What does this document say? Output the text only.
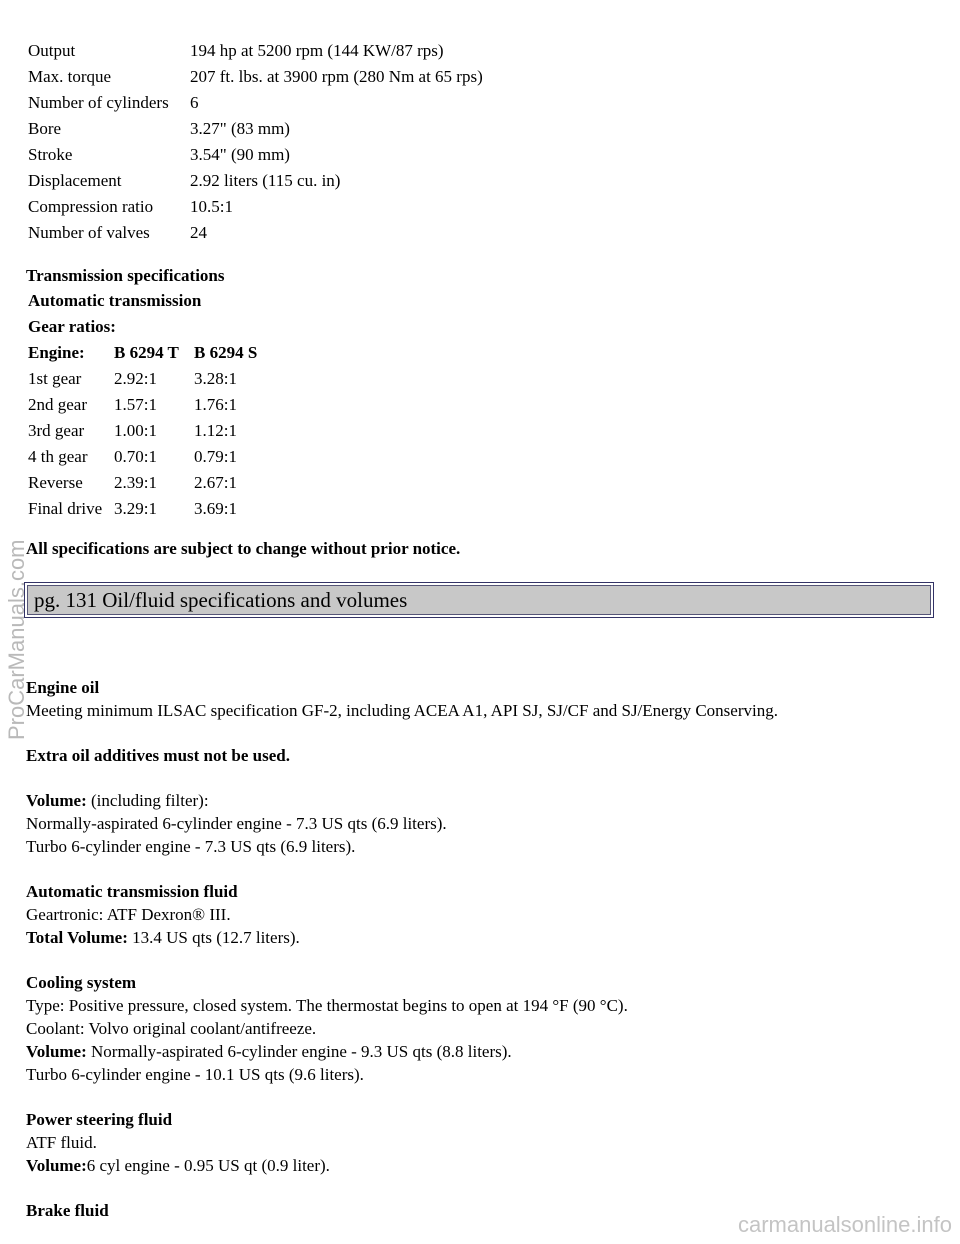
Output	194 hp at 5200 rpm (144 KW/87 rps)
Max. torque	207 ft. lbs. at 3900 rpm (280 Nm at 65 rps)
Number of cylinders	6
Bore	3.27" (83 mm)
Stroke	3.54" (90 mm)
Displacement	2.92 liters (115 cu. in)
Compression ratio	10.5:1
Number of valves	24
Transmission specifications
Automatic transmission		
Gear ratios:		
Engine:	B 6294 T	B 6294 S
1st gear	2.92:1	3.28:1
2nd gear	1.57:1	1.76:1
3rd gear	1.00:1	1.12:1
4 th gear	0.70:1	0.79:1
Reverse	2.39:1	2.67:1
Final drive	3.29:1	3.69:1
All specifications are subject to change without prior notice.
pg. 131 Oil/fluid specifications and volumes

Engine oil
Meeting minimum ILSAC specification GF-2, including ACEA A1, API SJ, SJ/CF and SJ/Energy Conserving.

Extra oil additives must not be used.

Volume: (including filter):
Normally-aspirated 6-cylinder engine - 7.3 US qts (6.9 liters).
Turbo 6-cylinder engine - 7.3 US qts (6.9 liters).

Automatic transmission fluid
Geartronic: ATF Dexron® III.
Total Volume: 13.4 US qts (12.7 liters).

Cooling system
Type: Positive pressure, closed system. The thermostat begins to open at 194 °F (90 °C).
Coolant: Volvo original coolant/antifreeze.
Volume: Normally-aspirated 6-cylinder engine - 9.3 US qts (8.8 liters).
Turbo 6-cylinder engine - 10.1 US qts (9.6 liters).

Power steering fluid
ATF fluid.
Volume:6 cyl engine - 0.95 US qt (0.9 liter).

Brake fluid

ProCarManuals.com
carmanualsonline.info
